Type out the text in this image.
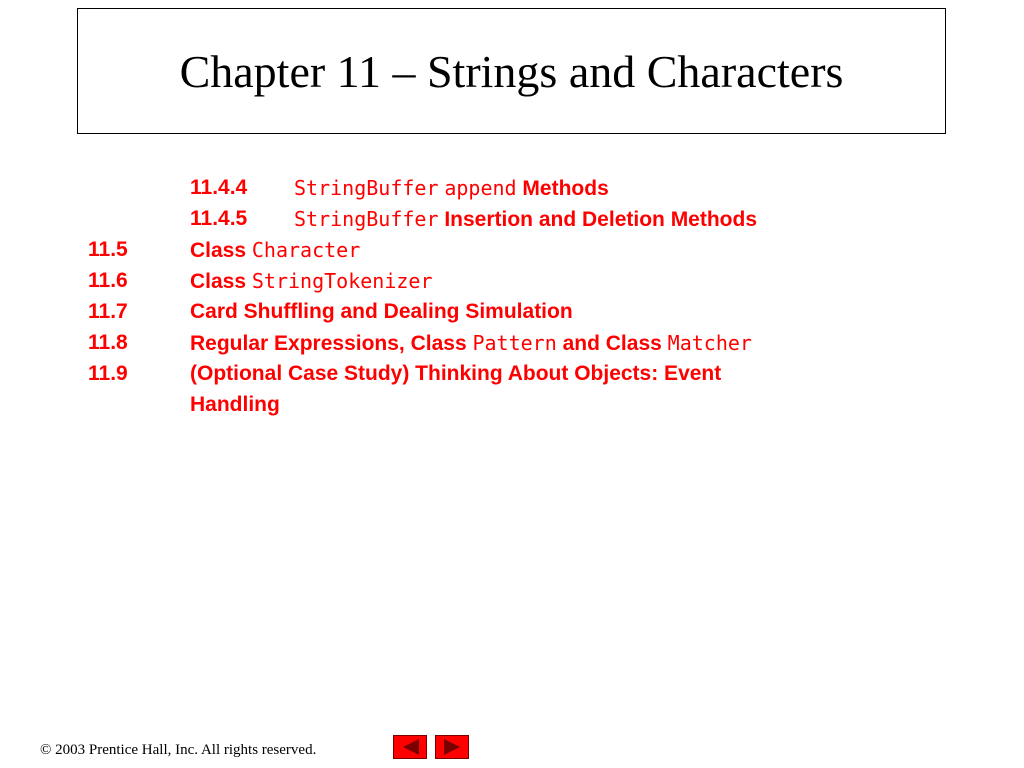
Chapter 11 – Strings and Characters
11.4.4 StringBuffer append Methods
11.4.5 StringBuffer Insertion and Deletion Methods
11.5	Class Character
11.6	Class StringTokenizer
11.7	Card Shuffling and Dealing Simulation
11.8	Regular Expressions, Class Pattern and Class Matcher
11.9	(Optional Case Study) Thinking About Objects: Event
Handling
© 2003 Prentice Hall, Inc. All rights reserved.
